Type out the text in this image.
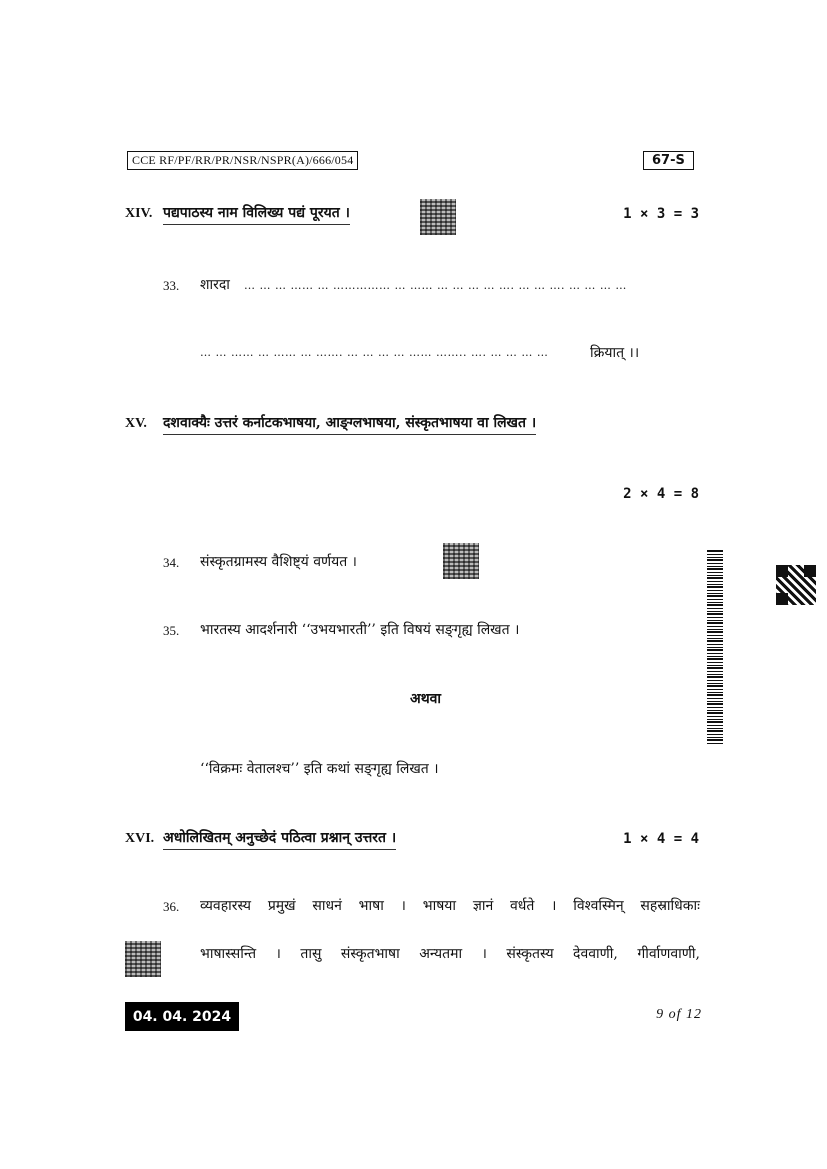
CCE RF/PF/RR/PR/NSR/NSPR(A)/666/054	67-S
XIV. पद्यपाठस्य नाम विलिख्य पद्यं पूरयत ।	1 × 3 = 3
33. शारदा … … … …… … …………… … …… … … … … …. … … …. … … … …
… … …… … …… … ……. … … … … …… …….. …. … … … …	क्रियात् ।।
XV. दशवाक्यैः उत्तरं कर्नाटकभाषया, आङ्ग्लभाषया, संस्कृतभाषया वा लिखत ।
2 × 4 = 8
34. संस्कृतग्रामस्य वैशिष्ट्यं वर्णयत ।
35. भारतस्य आदर्शनारी ‘‘उभयभारती’’ इति विषयं सङ्गृह्य लिखत ।
अथवा
‘‘विक्रमः वेतालश्च’’ इति कथां सङ्गृह्य लिखत ।
XVI. अधोलिखितम् अनुच्छेदं पठित्वा प्रश्नान् उत्तरत ।	1 × 4 = 4
36. व्यवहारस्य प्रमुखं साधनं भाषा । भाषया ज्ञानं वर्धते । विश्वस्मिन् सहस्राधिकाः
भाषास्सन्ति । तासु संस्कृतभाषा अन्यतमा । संस्कृतस्य देववाणी, गीर्वाणवाणी,
04. 04. 2024	9 of 12
